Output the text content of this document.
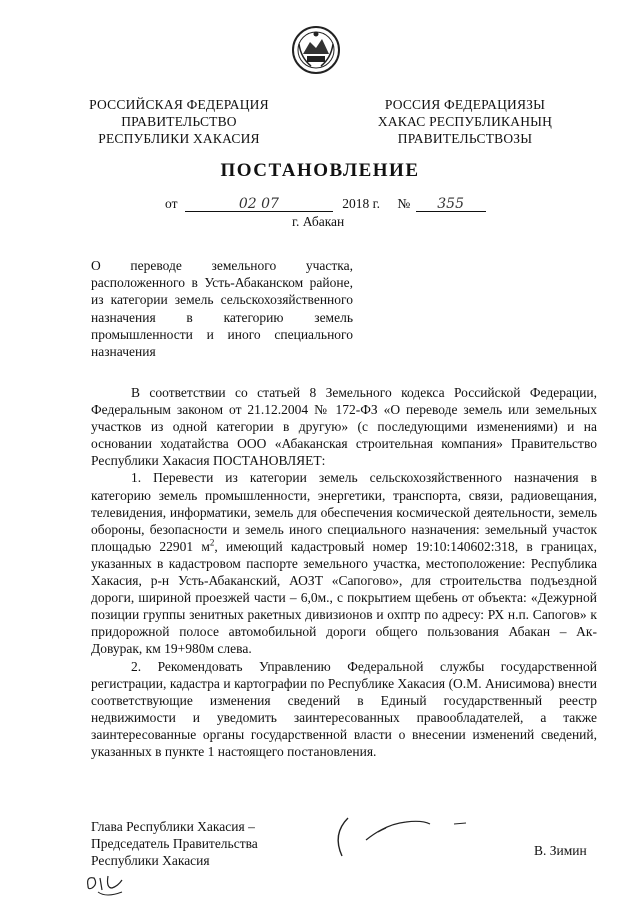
РОССИЙСКАЯ ФЕДЕРАЦИЯ
ПРАВИТЕЛЬСТВО
РЕСПУБЛИКИ ХАКАСИЯ
РОССИЯ ФЕДЕРАЦИЯЗЫ
ХАКАС РЕСПУБЛИКАНЫҢ
ПРАВИТЕЛЬСТВОЗЫ
ПОСТАНОВЛЕНИЕ
от	02 07	2018 г. № 355
г. Абакан
О переводе земельного участка, расположенного в Усть-Абаканском районе, из категории земель сельскохозяйственного назначения в категорию земель промышленности и иного специального назначения

В соответствии со статьей 8 Земельного кодекса Российской Федерации, Федеральным законом от 21.12.2004 № 172-ФЗ «О переводе земель или земельных участков из одной категории в другую» (с последующими изменениями) и на основании ходатайства ООО «Абаканская строительная компания» Правительство Республики Хакасия ПОСТАНОВЛЯЕТ:

1. Перевести из категории земель сельскохозяйственного назначения в категорию земель промышленности, энергетики, транспорта, связи, радиовещания, телевидения, информатики, земель для обеспечения космической деятельности, земель обороны, безопасности и земель иного специального назначения: земельный участок площадью 22901 $м^2$, имеющий кадастровый номер 19:10:140602:318, в границах, указанных в кадастровом паспорте земельного участка, местоположение: Республика Хакасия, р-н Усть-Абаканский, АОЗТ «Сапогово», для строительства подъездной дороги, шириной проезжей части – 6,0м., с покрытием щебень от объекта: «Дежурной позиции группы зенитных ракетных дивизионов и охптр по адресу: РХ н.п. Сапогов» к придорожной полосе автомобильной дороги общего пользования Абакан – Ак-Довурак, км 19+980м слева.

2. Рекомендовать Управлению Федеральной службы государственной регистрации, кадастра и картографии по Республике Хакасия (О.М. Анисимова) внести соответствующие изменения сведений в Единый государственный реестр недвижимости и уведомить заинтересованных правообладателей, а также заинтересованные органы государственной власти о внесении изменений сведений, указанных в пункте 1 настоящего постановления.

Глава Республики Хакасия –
Председатель Правительства
Республики Хакасия
В. Зимин
